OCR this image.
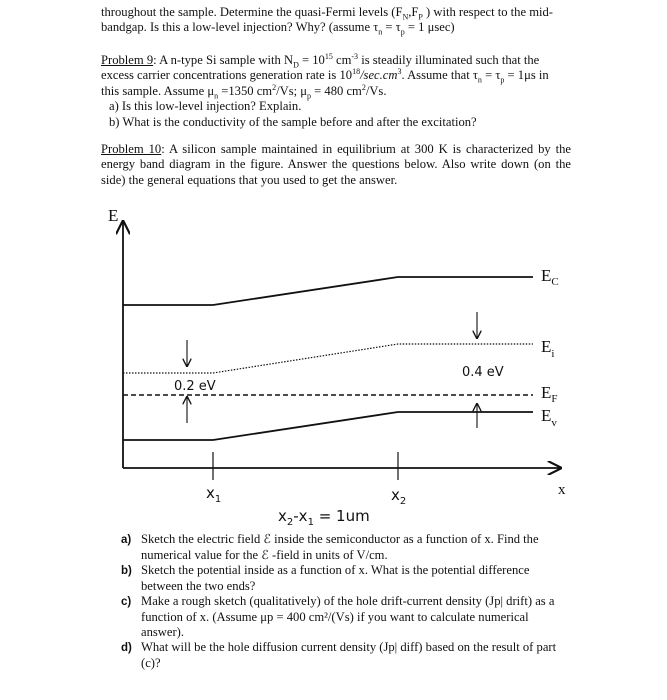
throughout the sample. Determine the quasi-Fermi levels ($F_N,F_P$ ) with respect to the mid-
bandgap. Is this a low-level injection? Why? (assume $\tau_n = \tau_p = 1$ μsec)
Problem 9: A n-type Si sample with $N_D = 10^{15}$ $cm^{-3}$ is steadily illuminated such that the
excess carrier concentrations generation rate is $10^{18}/\sec.cm^3$. Assume that $\tau_n = \tau_p = 1\mu s$ in
this sample. Assume $\mu_n =1350$ $cm^2/Vs$; $\mu_p = 480$ $cm^2/Vs$.
a) Is this low-level injection? Explain.
b) What is the conductivity of the sample before and after the excitation?
Problem 10: A silicon sample maintained in equilibrium at 300 K is characterized by the energy band diagram in the figure. Answer the questions below. Also write down (on the side) the general equations that you used to get the answer.
E
x
$E_C$
$E_i$
$E_F$
$E_v$
$x_1$	$x_2$
0.2 eV
0.4 eV
$x_2-x_1 = 1um$
a) Sketch the electric field ℰ inside the semiconductor as a function of x. Find the numerical value for the ℰ -field in units of V/cm.
b) Sketch the potential inside as a function of x. What is the potential difference between the two ends?
c) Make a rough sketch (qualitatively) of the hole drift-current density (Jp| drift) as a function of x. (Assume μp = 400 cm²/(Vs) if you want to calculate numerical answer).
d) What will be the hole diffusion current density (Jp| diff) based on the result of part (c)?
